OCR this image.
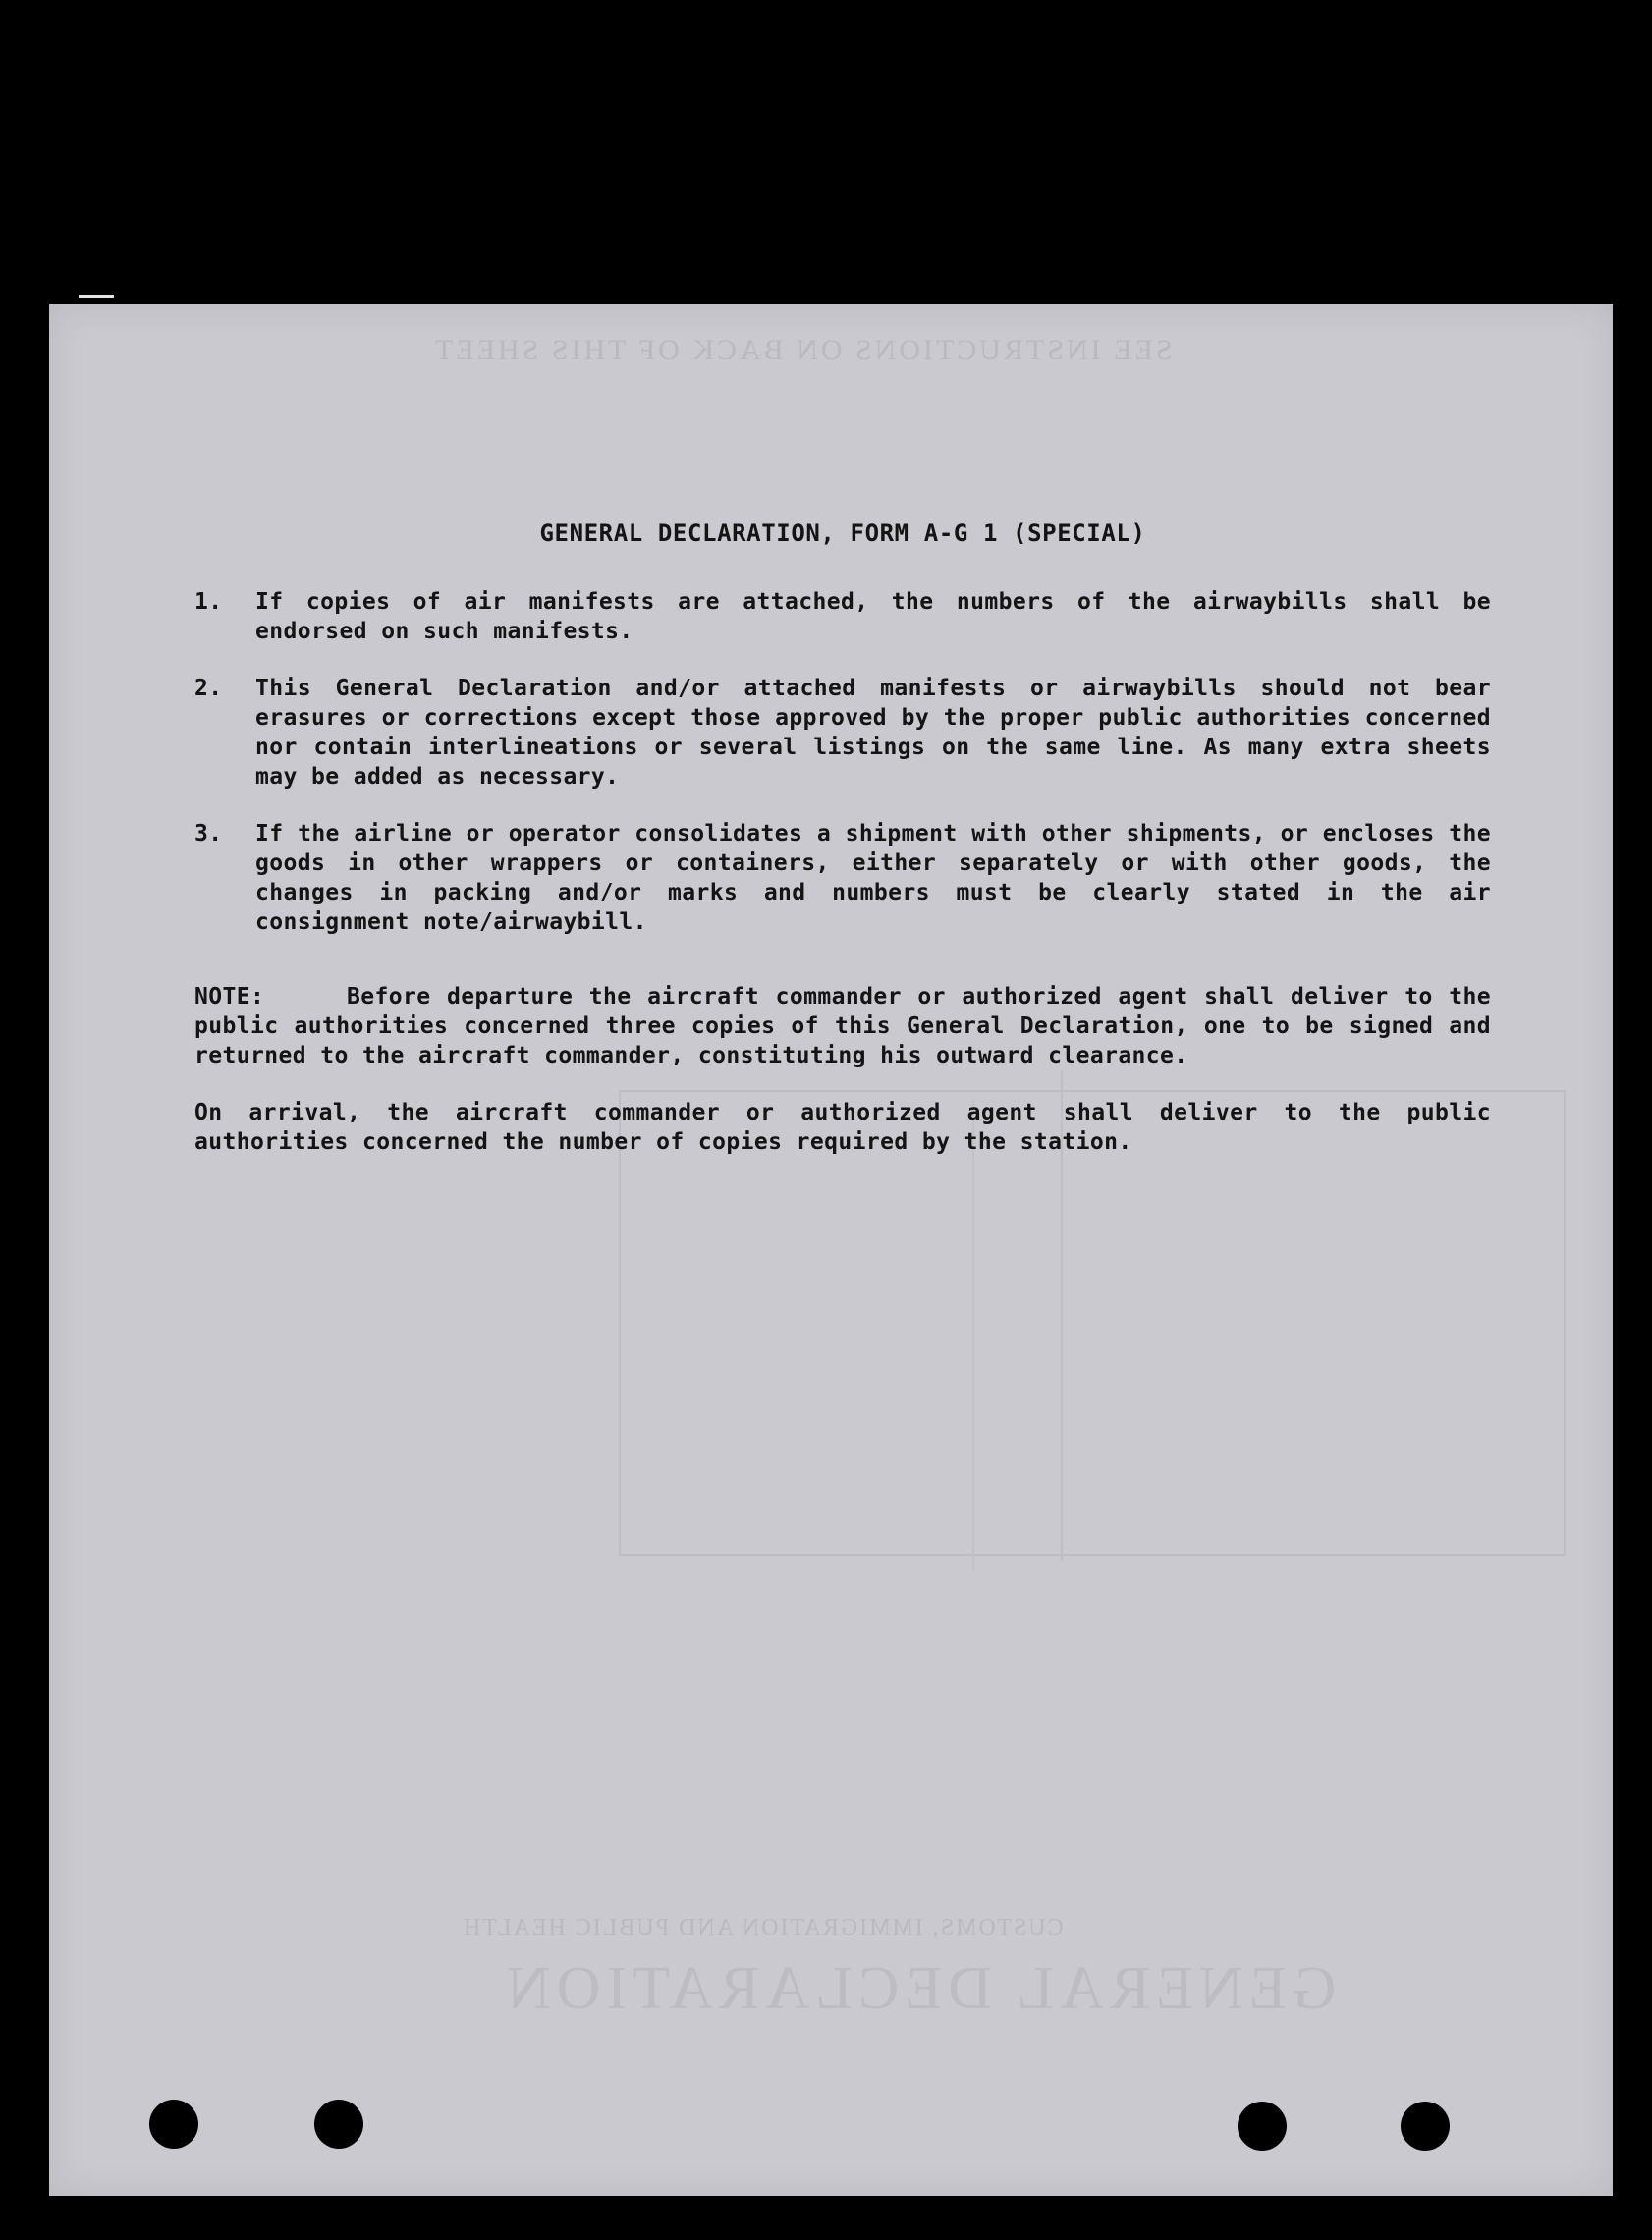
SEE INSTRUCTIONS ON BACK OF THIS SHEET
CUSTOMS, IMMIGRATION AND PUBLIC HEALTH
GENERAL DECLARATION
GENERAL DECLARATION, FORM A-G 1 (SPECIAL)
1.	If copies of air manifests are attached, the numbers of the airwaybills shall be endorsed on such manifests.
2.	This General Declaration and/or attached manifests or airwaybills should not bear erasures or corrections except those approved by the proper public authorities concerned nor contain interlineations or several listings on the same line. As many extra sheets may be added as necessary.
3.	If the airline or operator consolidates a shipment with other shipments, or encloses the goods in other wrappers or containers, either separately or with other goods, the changes in packing and/or marks and numbers must be clearly stated in the air consignment note/airwaybill.
NOTE:	Before departure the aircraft commander or authorized agent shall deliver to the public authorities concerned three copies of this General Declaration, one to be signed and returned to the aircraft commander, constituting his outward clearance.
On arrival, the aircraft commander or authorized agent shall deliver to the public authorities concerned the number of copies required by the station.
